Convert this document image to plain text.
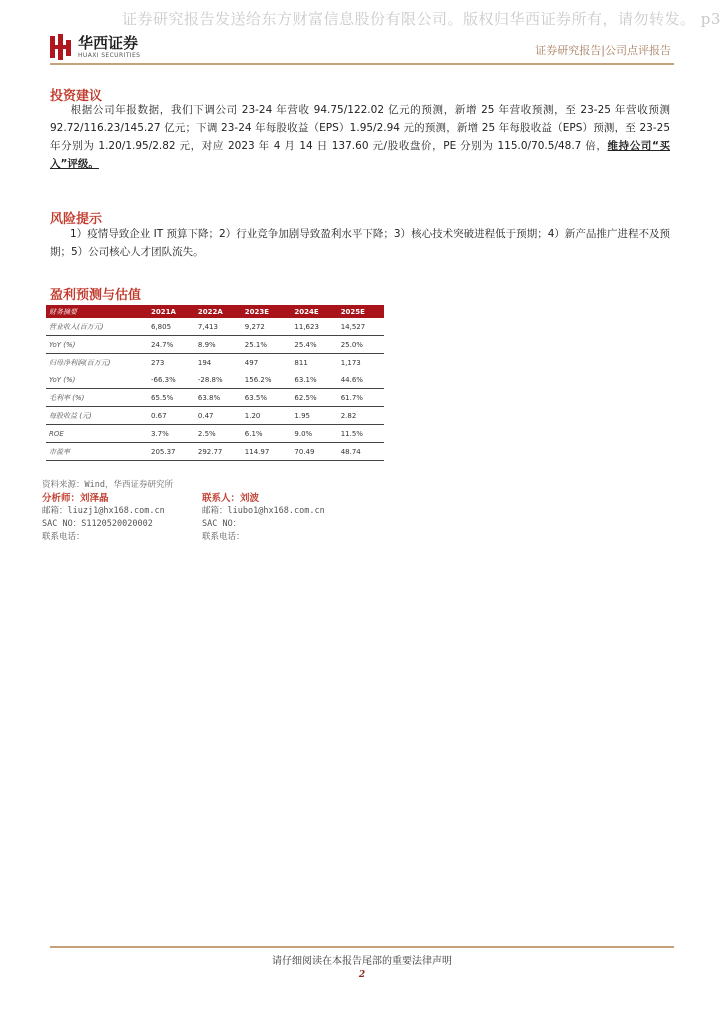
证券研究报告发送给东方财富信息股份有限公司。版权归华西证券所有，请勿转发。 p3
华西证券
HUAXI SECURITIES	证券研究报告|公司点评报告
投资建议
根据公司年报数据，我们下调公司 23-24 年营收 94.75/122.02 亿元的预测，新增 25 年营收预测，至 23-25 年营收预测 92.72/116.23/145.27 亿元；下调 23-24 年每股收益（EPS）1.95/2.94 元的预测，新增 25 年每股收益（EPS）预测，至 23-25 年分别为 1.20/1.95/2.82 元，对应 2023 年 4 月 14 日 137.60 元/股收盘价，PE 分别为 115.0/70.5/48.7 倍，维持公司“买入”评级。
风险提示
1）疫情导致企业 IT 预算下降；2）行业竞争加剧导致盈利水平下降；3）核心技术突破进程低于预期；4）新产品推广进程不及预期；5）公司核心人才团队流失。
盈利预测与估值
财务摘要	2021A	2022A	2023E	2024E	2025E
营业收入(百万元)	6,805	7,413	9,272	11,623	14,527
YoY (%)	24.7%	8.9%	25.1%	25.4%	25.0%
归母净利润(百万元)	273	194	497	811	1,173
YoY (%)	-66.3%	-28.8%	156.2%	63.1%	44.6%
毛利率 (%)	65.5%	63.8%	63.5%	62.5%	61.7%
每股收益 (元)	0.67	0.47	1.20	1.95	2.82
ROE	3.7%	2.5%	6.1%	9.0%	11.5%
市盈率	205.37	292.77	114.97	70.49	48.74
资料来源：Wind，华西证券研究所
分析师：刘泽晶
邮箱：liuzj1@hx168.com.cn
SAC NO：S1120520020002
联系电话：
联系人：刘波
邮箱：liubo1@hx168.com.cn
SAC NO：
联系电话：
请仔细阅读在本报告尾部的重要法律声明
2
